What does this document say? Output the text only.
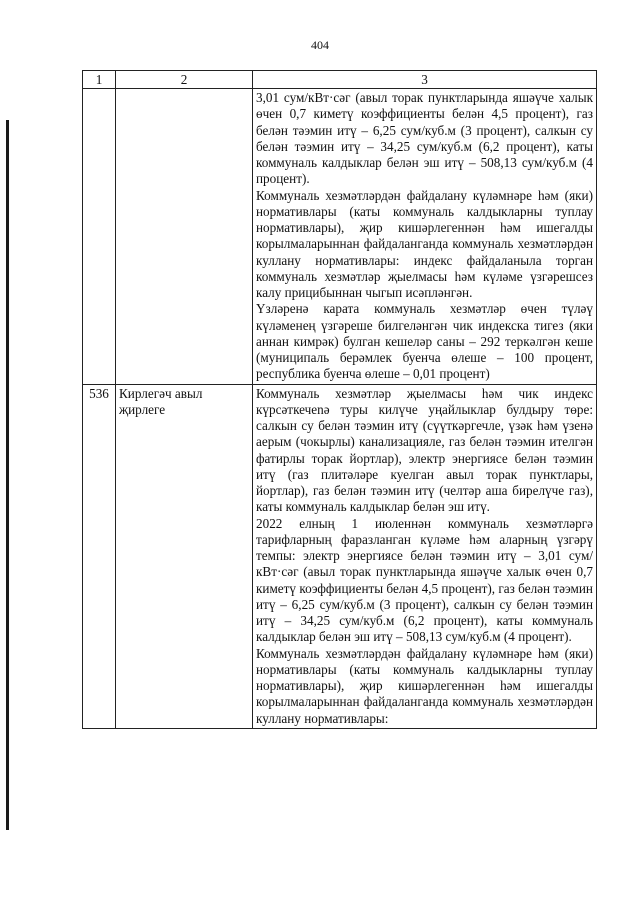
404
1	2	3

		3,01 сум/кВт·сәг (авыл торак пунктларында яшәүче халык өчен 0,7 киметү коэффициенты белән 4,5 процент), газ белән тәэмин итү – 6,25 сум/куб.м (3 процент), салкын су белән тәэмин итү – 34,25 сум/куб.м (6,2 процент), каты коммуналь калдыклар белән эш итү – 508,13 сум/куб.м (4 процент).

Коммуналь хезмәтләрдән файдалану күләмнәре һәм (яки) нормативлары (каты коммуналь калдыкларны туплау нормативлары), җир кишәрлегеннән һәм ишегалды корылмаларыннан файдаланганда коммуналь хезмәтләрдән куллану нормативлары: индекс файдаланыла торган коммуналь хезмәтләр җыелмасы һәм күләме үзгәрешсез калу прицибыннан чыгып исәпләнгән.

Үзләренә карата коммуналь хезмәтләр өчен түләү күләменең үзгәреше билгеләнгән чик индекска тигез (яки аннан кимрәк) булган кешеләр саны – 292 теркәлгән кеше (муниципаль берәмлек буенча өлеше – 100 процент, республика буенча өлеше – 0,01 процент)

536	Кирлегәч авыл җирлеге	Коммуналь хезмәтләр җыелмасы һәм чик индекс күрсәткечenә туры килүче уңайлыклар булдыру төре: салкын су белән тәэмин итү (сүүткәргечле, үзәк һәм үзенә аерым (чокырлы) канализацияле, газ белән тәэмин ителгән фатирлы торак йортлар), электр энергиясе белән тәэмин итү (газ плитәләре куелган авыл торак пунктлары, йортлар), газ белән тәэмин итү (челтәр аша бирелүче газ), каты коммуналь калдыклар белән эш итү.

2022 елның 1 июленнән коммуналь хезмәтләргә тарифларның фаразланган күләме һәм аларның үзгәрү темпы: электр энергиясе белән тәэмин итү – 3,01 сум/кВт·сәг (авыл торак пунктларында яшәүче халык өчен 0,7 киметү коэффициенты белән 4,5 процент), газ белән тәэмин итү – 6,25 сум/куб.м (3 процент), салкын су белән тәэмин итү – 34,25 сум/куб.м (6,2 процент), каты коммуналь калдыклар белән эш итү – 508,13 сум/куб.м (4 процент).

Коммуналь хезмәтләрдән файдалану күләмнәре һәм (яки) нормативлары (каты коммуналь калдыкларны туплау нормативлары), җир кишәрлегеннән һәм ишегалды корылмаларыннан файдаланганда коммуналь хезмәтләрдән куллану нормативлары:
